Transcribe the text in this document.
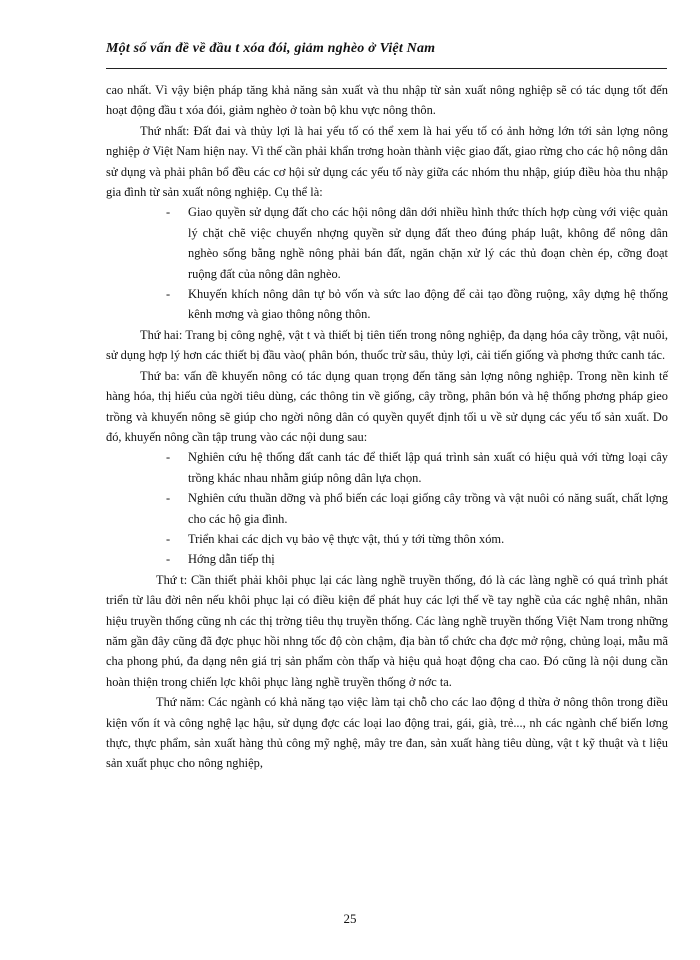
Một số vấn đề về đầu t xóa đói, giảm nghèo ở Việt Nam

cao nhất. Vì vậy biện pháp tăng khả năng sản xuất và thu nhập từ sản xuất nông nghiệp sẽ có tác dụng tốt đến hoạt động đầu t xóa đói, giảm nghèo ở toàn bộ khu vực nông thôn.

Thứ nhất: Đất đai và thủy lợi là hai yếu tố có thể xem là hai yếu tố có ảnh hởng lớn tới sản lợng nông nghiệp ở Việt Nam hiện nay. Vì thế cần phải khẩn trơng hoàn thành việc giao đất, giao rừng cho các hộ nông dân sử dụng và phải phân bổ đều các cơ hội sử dụng các yếu tố này giữa các nhóm thu nhập, giúp điều hòa thu nhập gia đình từ sản xuất nông nghiệp. Cụ thể là:

- Giao quyền sử dụng đất cho các hội nông dân dới nhiều hình thức thích hợp cùng với việc quản lý chặt chẽ việc chuyển nhợng quyền sử dụng đất theo đúng pháp luật, không để nông dân nghèo sống bằng nghề nông phải bán đất, ngăn chặn xử lý các thủ đoạn chèn ép, cỡng đoạt ruộng đất của nông dân nghèo.
- Khuyến khích nông dân tự bỏ vốn và sức lao động để cải tạo đồng ruộng, xây dựng hệ thống kênh mơng và giao thông nông thôn.

Thứ hai: Trang bị công nghệ, vật t và thiết bị tiên tiến trong nông nghiệp, đa dạng hóa cây trồng, vật nuôi, sử dụng hợp lý hơn các thiết bị đầu vào( phân bón, thuốc trừ sâu, thủy lợi, cải tiến giống và phơng thức canh tác.

Thứ ba: vấn đề khuyến nông có tác dụng quan trọng đến tăng sản lợng nông nghiệp. Trong nền kinh tế hàng hóa, thị hiếu của ngời tiêu dùng, các thông tin về giống, cây trồng, phân bón và hệ thống phơng pháp gieo trồng và khuyến nông sẽ giúp cho ngời nông dân có quyền quyết định tối u về sử dụng các yếu tố sản xuất. Do đó, khuyến nông cần tập trung vào các nội dung sau:

- Nghiên cứu hệ thống đất canh tác để thiết lập quá trình sản xuất có hiệu quả với từng loại cây trồng khác nhau nhằm giúp nông dân lựa chọn.
- Nghiên cứu thuần dỡng và phổ biến các loại giống cây trồng và vật nuôi có năng suất, chất lợng cho các hộ gia đình.
- Triển khai các dịch vụ bảo vệ thực vật, thú y tới từng thôn xóm.
- Hớng dẫn tiếp thị

Thứ t: Cần thiết phải khôi phục lại các làng nghề truyền thống, đó là các làng nghề có quá trình phát triển từ lâu đời nên nếu khôi phục lại có điều kiện để phát huy các lợi thế về tay nghề của các nghệ nhân, nhãn hiệu truyền thống cũng nh các thị trờng tiêu thụ truyền thống. Các làng nghề truyền thống Việt Nam trong những năm gần đây cũng đã đợc phục hồi nhng tốc độ còn chậm, địa bàn tổ chức cha đợc mở rộng, chủng loại, mẫu mã cha phong phú, đa dạng nên giá trị sản phẩm còn thấp và hiệu quả hoạt động cha cao. Đó cũng là nội dung cần hoàn thiện trong chiến lợc khôi phục làng nghề truyền thống ở nớc ta.

Thứ năm: Các ngành có khả năng tạo việc làm tại chỗ cho các lao động d thừa ở nông thôn trong điều kiện vốn ít và công nghệ lạc hậu, sử dụng đợc các loại lao động trai, gái, già, trẻ..., nh các ngành chế biến lơng thực, thực phẩm, sản xuất hàng thủ công mỹ nghệ, mây tre đan, sản xuất hàng tiêu dùng, vật t kỹ thuật và t liệu sản xuất phục cho nông nghiệp,

25
